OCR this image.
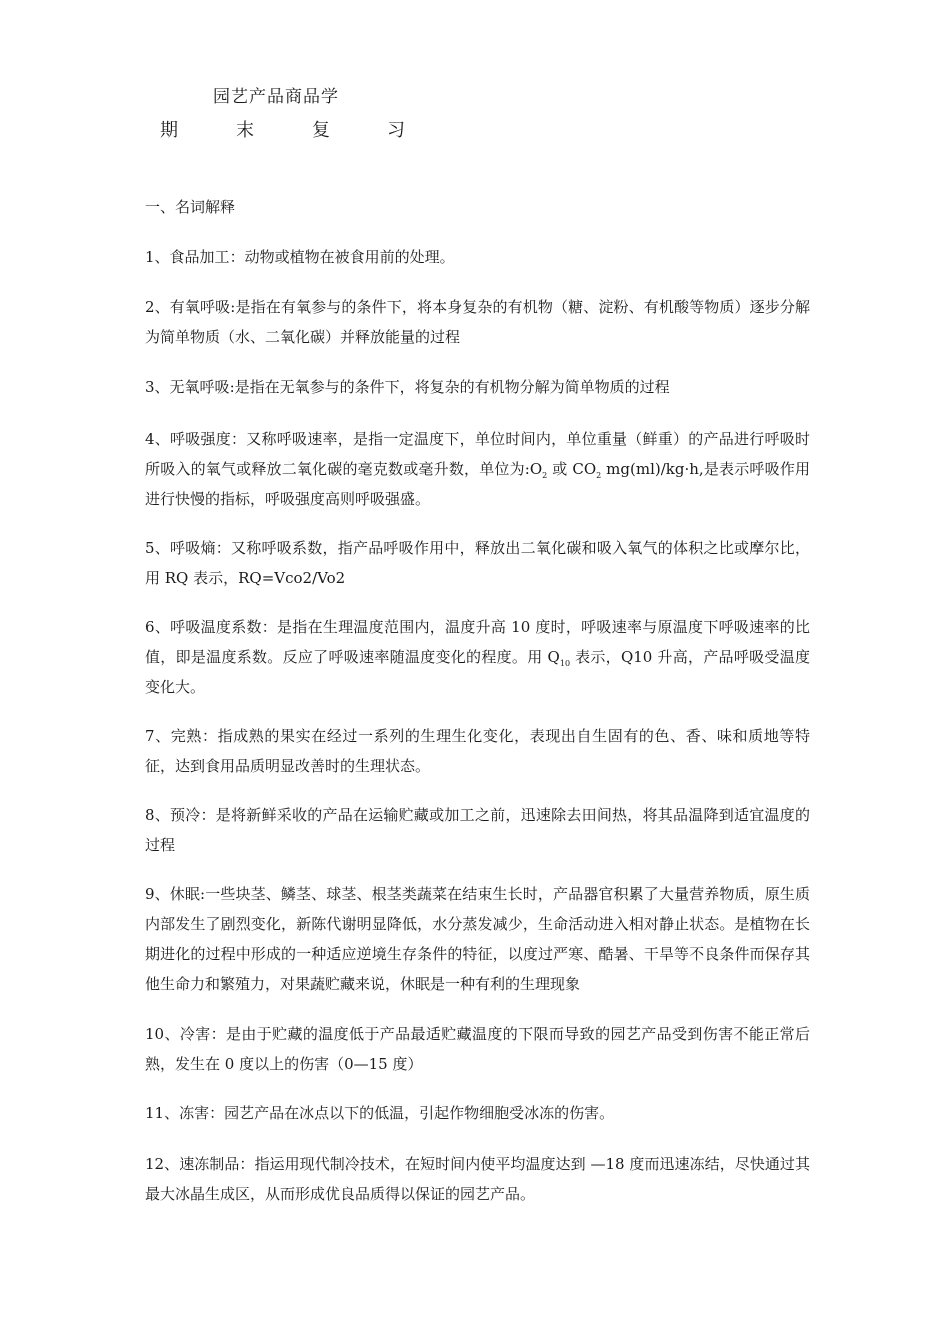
园艺产品商品学
期	末	复	习
一、名词解释

1、食品加工：动物或植物在被食用前的处理。

2、有氧呼吸:是指在有氧参与的条件下，将本身复杂的有机物（糖、淀粉、有机酸等物质）逐步分解为简单物质（水、二氧化碳）并释放能量的过程

3、无氧呼吸:是指在无氧参与的条件下，将复杂的有机物分解为简单物质的过程

4、呼吸强度：又称呼吸速率，是指一定温度下，单位时间内，单位重量（鲜重）的产品进行呼吸时所吸入的氧气或释放二氧化碳的毫克数或毫升数，单位为$:O_2$ 或 $CO_2$ mg(ml)/kg·h,是表示呼吸作用进行快慢的指标，呼吸强度高则呼吸强盛。

5、呼吸熵：又称呼吸系数，指产品呼吸作用中，释放出二氧化碳和吸入氧气的体积之比或摩尔比，用 RQ 表示，RQ=Vco2/Vo2

6、呼吸温度系数：是指在生理温度范围内，温度升高 10 度时，呼吸速率与原温度下呼吸速率的比值，即是温度系数。反应了呼吸速率随温度变化的程度。用 $Q_{10}$ 表示，Q10 升高，产品呼吸受温度变化大。

7、完熟：指成熟的果实在经过一系列的生理生化变化，表现出自生固有的色、香、味和质地等特征，达到食用品质明显改善时的生理状态。

8、预冷：是将新鲜采收的产品在运输贮藏或加工之前，迅速除去田间热，将其品温降到适宜温度的过程

9、休眠:一些块茎、鳞茎、球茎、根茎类蔬菜在结束生长时，产品器官积累了大量营养物质，原生质内部发生了剧烈变化，新陈代谢明显降低，水分蒸发减少，生命活动进入相对静止状态。是植物在长期进化的过程中形成的一种适应逆境生存条件的特征，以度过严寒、酷暑、干旱等不良条件而保存其他生命力和繁殖力，对果蔬贮藏来说，休眠是一种有利的生理现象

10、冷害：是由于贮藏的温度低于产品最适贮藏温度的下限而导致的园艺产品受到伤害不能正常后熟，发生在 0 度以上的伤害（0—15 度）

11、冻害：园艺产品在冰点以下的低温，引起作物细胞受冰冻的伤害。

12、速冻制品：指运用现代制冷技术，在短时间内使平均温度达到 —18 度而迅速冻结，尽快通过其最大冰晶生成区，从而形成优良品质得以保证的园艺产品。
